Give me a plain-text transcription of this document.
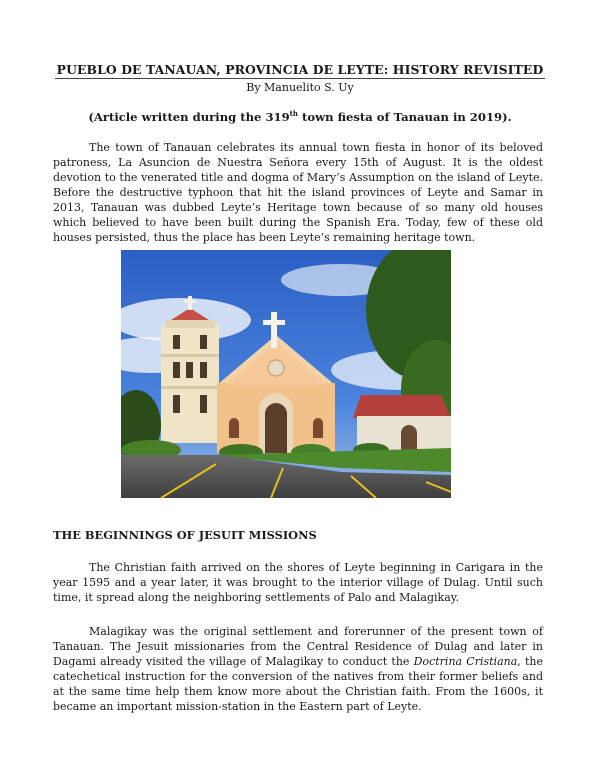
PUEBLO DE TANAUAN, PROVINCIA DE LEYTE: HISTORY REVISITED
By Manuelito S. Uy
(Article written during the 319th town fiesta of Tanauan in 2019).

The town of Tanauan celebrates its annual town fiesta in honor of its beloved patroness, La Asuncion de Nuestra Señora every 15th of August. It is the oldest devotion to the venerated title and dogma of Mary’s Assumption on the island of Leyte. Before the destructive typhoon that hit the island provinces of Leyte and Samar in 2013, Tanauan was dubbed Leyte’s Heritage town because of so many old houses which believed to have been built during the Spanish Era. Today, few of these old houses persisted, thus the place has been Leyte’s remaining heritage town.

THE BEGINNINGS OF JESUIT MISSIONS

The Christian faith arrived on the shores of Leyte beginning in Carigara in the year 1595 and a year later, it was brought to the interior village of Dulag. Until such time, it spread along the neighboring settlements of Palo and Malagikay.

Malagikay was the original settlement and forerunner of the present town of Tanauan. The Jesuit missionaries from the Central Residence of Dulag and later in Dagami already visited the village of Malagikay to conduct the Doctrina Cristiana, the catechetical instruction for the conversion of the natives from their former beliefs and at the same time help them know more about the Christian faith. From the 1600s, it became an important mission-station in the Eastern part of Leyte.
